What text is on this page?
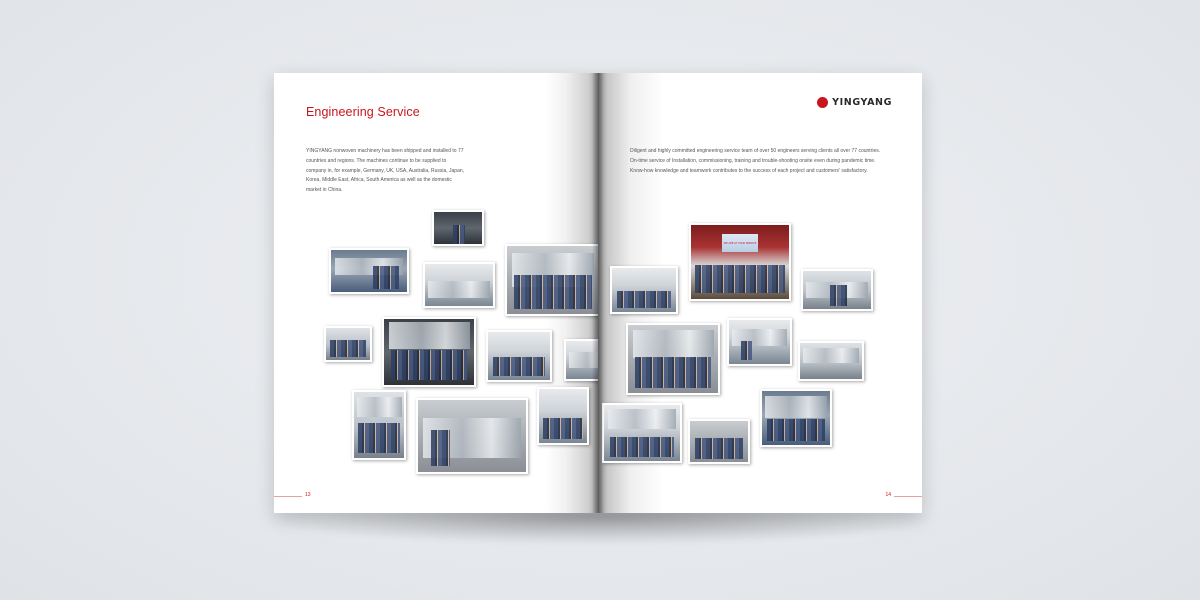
Engineering Service

YINGYANG nonwoven machinery has been shipped and installed to 77 countries and regions. The machines continue to be supplied to company in, for example, Germany, UK, USA, Australia, Russia, Japan, Korea, Middle East, Africa, South America as well as the domestic market in China.

13
YINGYANG
Diligent and highly committed engineering service team of over 50 engineers serving clients all over 77 countries.
On-time service of Installation, commissioning, training and trouble-shooting onsite even during pandemic time.
Know-how knowledge and teamwork contributes to the success of each project and customers' satisfactory.
WE ARE AT YOUR SERVICE
14
